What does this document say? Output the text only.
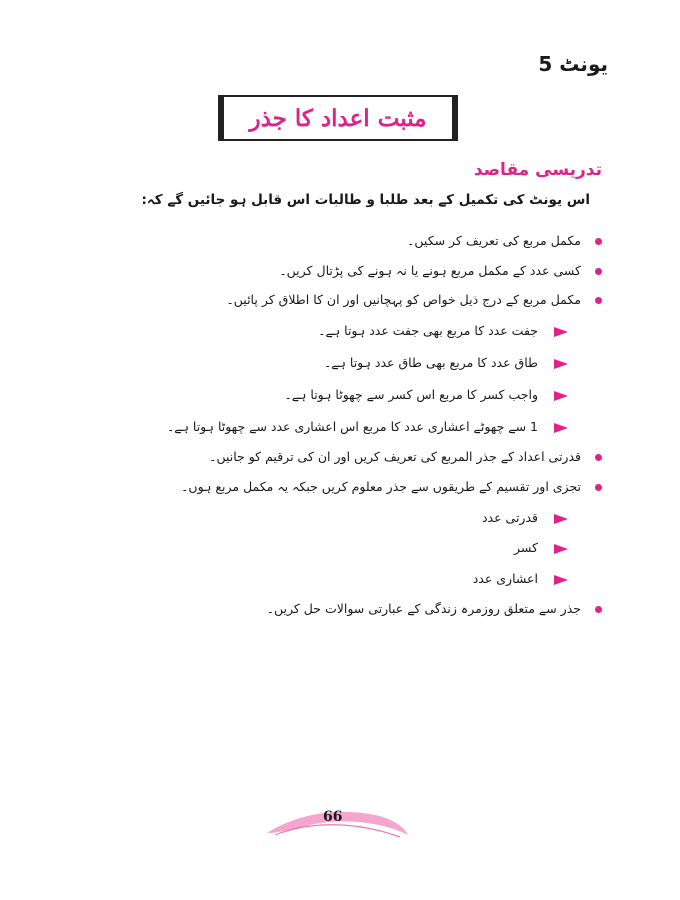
یونٹ 5
مثبت اعداد کا جذر
تدریسی مقاصد
اس یونٹ کی تکمیل کے بعد طلبا و طالبات اس قابل ہو جائیں گے کہ:
مکمل مربع کی تعریف کر سکیں۔
کسی عدد کے مکمل مربع ہونے یا نہ ہونے کی پڑتال کریں۔
مکمل مربع کے درج ذیل خواص کو پہچانیں اور ان کا اطلاق کر پائیں۔
جفت عدد کا مربع بھی جفت عدد ہوتا ہے۔
طاق عدد کا مربع بھی طاق عدد ہوتا ہے۔
واجب کسر کا مربع اس کسر سے چھوٹا ہوتا ہے۔
1 سے چھوٹے اعشاری عدد کا مربع اس اعشاری عدد سے چھوٹا ہوتا ہے۔
قدرتی اعداد کے جذر المربع کی تعریف کریں اور ان کی ترقیم کو جانیں۔
تجزی اور تقسیم کے طریقوں سے جذر معلوم کریں جبکہ یہ مکمل مربع ہوں۔
قدرتی عدد
کسر
اعشاری عدد
جذر سے متعلق روزمرہ زندگی کے عبارتی سوالات حل کریں۔
66
